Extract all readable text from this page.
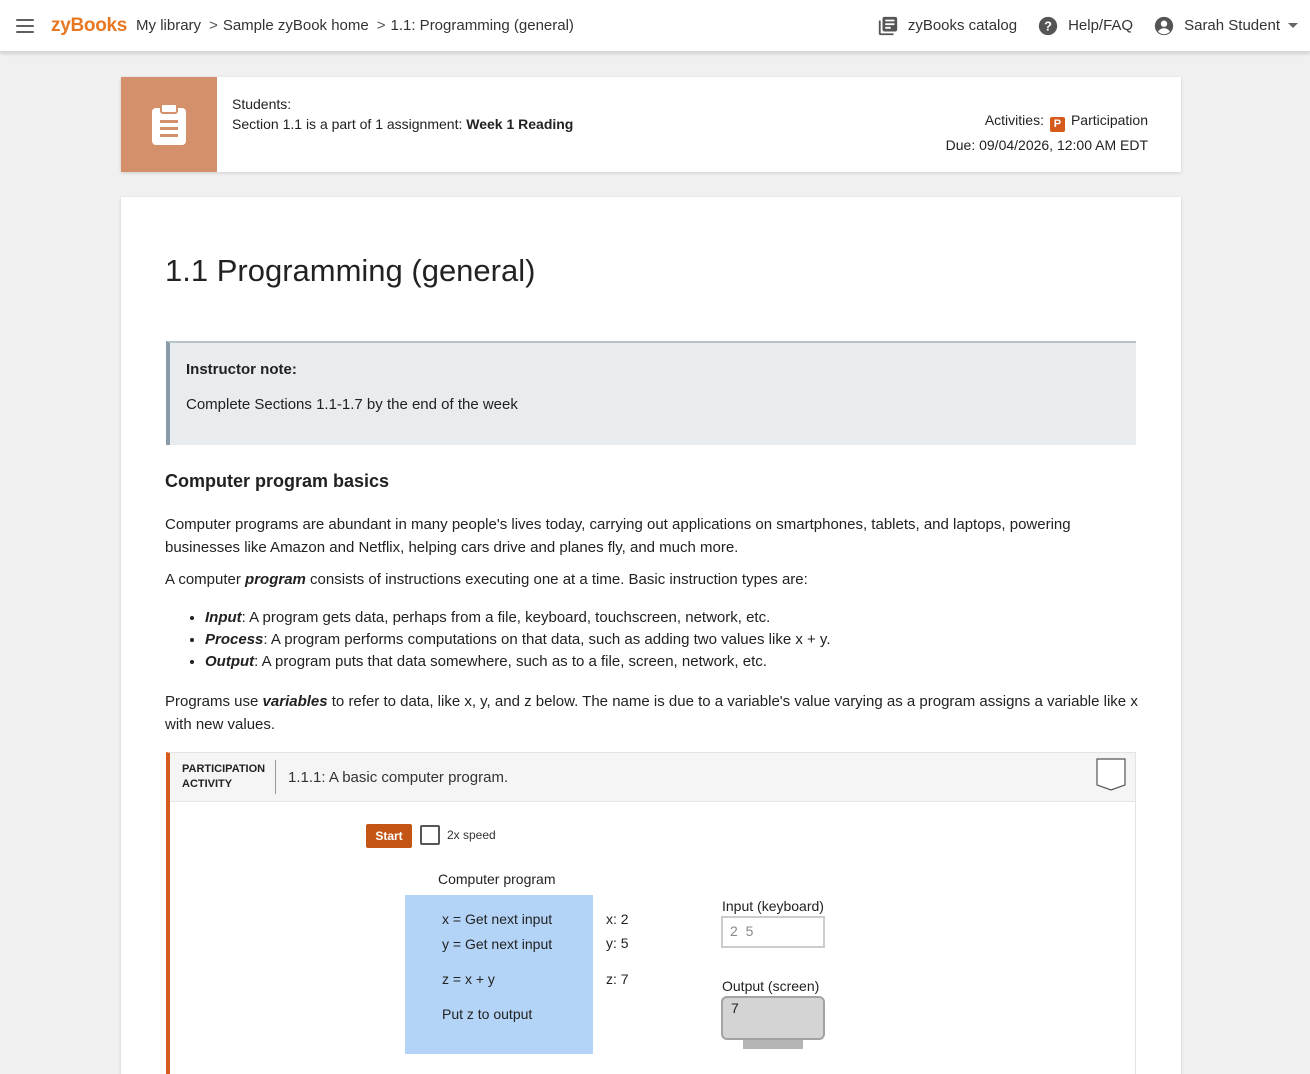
zyBooks My library > Sample zyBook home > 1.1: Programming (general)	zyBooks catalog ? Help/FAQ	Sarah Student
Students:
Section 1.1 is a part of 1 assignment: Week 1 Reading	Activities: P Participation
Due: 09/04/2026, 12:00 AM EDT
1.1 Programming (general)
Instructor note:
Complete Sections 1.1-1.7 by the end of the week
Computer program basics

Computer programs are abundant in many people's lives today, carrying out applications on smartphones, tablets, and laptops, powering businesses like Amazon and Netflix, helping cars drive and planes fly, and much more.

A computer program consists of instructions executing one at a time. Basic instruction types are:

• Input: A program gets data, perhaps from a file, keyboard, touchscreen, network, etc.
• Process: A program performs computations on that data, such as adding two values like x + y.
• Output: A program puts that data somewhere, such as to a file, screen, network, etc.

Programs use variables to refer to data, like x, y, and z below. The name is due to a variable's value varying as a program assigns a variable like x with new values.

PARTICIPATION
ACTIVITY	1.1.1: A basic computer program.
Start	2x speed
Computer program
x = Get next input
y = Get next input
z = x + y
Put z to output
x: 2
y: 5
z: 7
Input (keyboard)
2 5
Output (screen)
7
